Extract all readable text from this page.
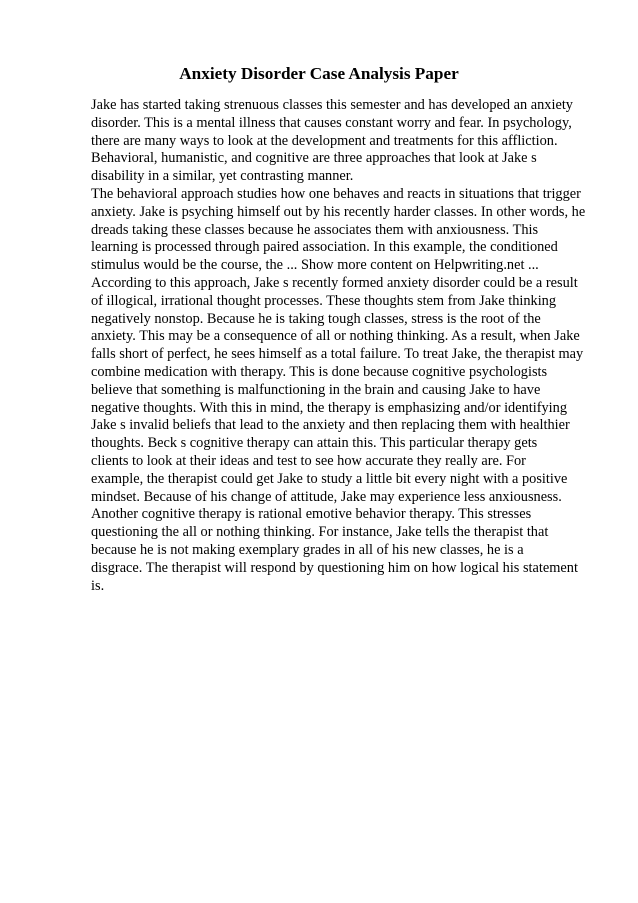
Anxiety Disorder Case Analysis Paper
Jake has started taking strenuous classes this semester and has developed an anxiety
disorder. This is a mental illness that causes constant worry and fear. In psychology,
there are many ways to look at the development and treatments for this affliction.
Behavioral, humanistic, and cognitive are three approaches that look at Jake s
disability in a similar, yet contrasting manner.
The behavioral approach studies how one behaves and reacts in situations that trigger
anxiety. Jake is psyching himself out by his recently harder classes. In other words, he
dreads taking these classes because he associates them with anxiousness. This
learning is processed through paired association. In this example, the conditioned
stimulus would be the course, the ... Show more content on Helpwriting.net ...
According to this approach, Jake s recently formed anxiety disorder could be a result
of illogical, irrational thought processes. These thoughts stem from Jake thinking
negatively nonstop. Because he is taking tough classes, stress is the root of the
anxiety. This may be a consequence of all or nothing thinking. As a result, when Jake
falls short of perfect, he sees himself as a total failure. To treat Jake, the therapist may
combine medication with therapy. This is done because cognitive psychologists
believe that something is malfunctioning in the brain and causing Jake to have
negative thoughts. With this in mind, the therapy is emphasizing and/or identifying
Jake s invalid beliefs that lead to the anxiety and then replacing them with healthier
thoughts. Beck s cognitive therapy can attain this. This particular therapy gets
clients to look at their ideas and test to see how accurate they really are. For
example, the therapist could get Jake to study a little bit every night with a positive
mindset. Because of his change of attitude, Jake may experience less anxiousness.
Another cognitive therapy is rational emotive behavior therapy. This stresses
questioning the all or nothing thinking. For instance, Jake tells the therapist that
because he is not making exemplary grades in all of his new classes, he is a
disgrace. The therapist will respond by questioning him on how logical his statement
is.
